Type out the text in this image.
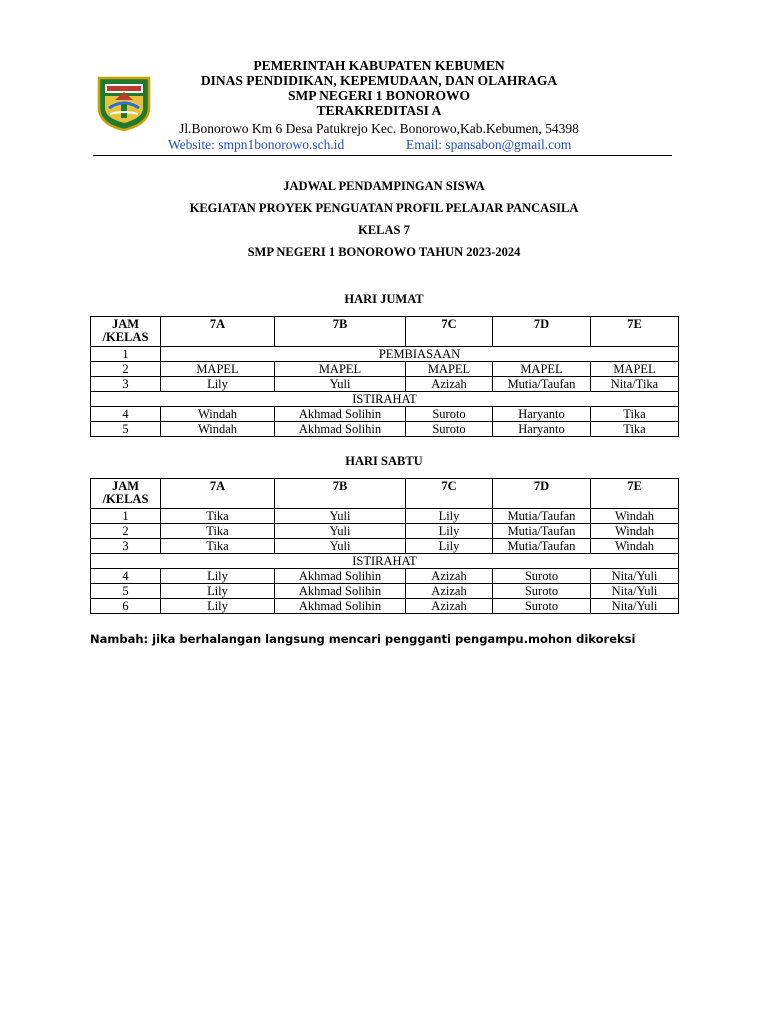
PEMERINTAH KABUPATEN KEBUMEN
DINAS PENDIDIKAN, KEPEMUDAAN, DAN OLAHRAGA
SMP NEGERI 1 BONOROWO
TERAKREDITASI A
Jl.Bonorowo Km 6 Desa Patukrejo Kec. Bonorowo,Kab.Kebumen, 54398
Website: smpn1bonorowo.sch.id	Email: spansabon@gmail.com
JADWAL PENDAMPINGAN SISWA
KEGIATAN PROYEK PENGUATAN PROFIL PELAJAR PANCASILA
KELAS 7
SMP NEGERI 1 BONOROWO TAHUN 2023-2024
HARI JUMAT
JAM
/KELAS	7A	7B	7C	7D	7E
1	PEMBIASAAN				
2	MAPEL	MAPEL	MAPEL	MAPEL	MAPEL
3	Lily	Yuli	Azizah	Mutia/Taufan	Nita/Tika
ISTIRAHAT					
4	Windah	Akhmad Solihin	Suroto	Haryanto	Tika
5	Windah	Akhmad Solihin	Suroto	Haryanto	Tika
HARI SABTU
JAM
/KELAS	7A	7B	7C	7D	7E
1	Tika	Yuli	Lily	Mutia/Taufan	Windah
2	Tika	Yuli	Lily	Mutia/Taufan	Windah
3	Tika	Yuli	Lily	Mutia/Taufan	Windah
ISTIRAHAT					
4	Lily	Akhmad Solihin	Azizah	Suroto	Nita/Yuli
5	Lily	Akhmad Solihin	Azizah	Suroto	Nita/Yuli
6	Lily	Akhmad Solihin	Azizah	Suroto	Nita/Yuli
Nambah: jika berhalangan langsung mencari pengganti pengampu.mohon dikoreksi
